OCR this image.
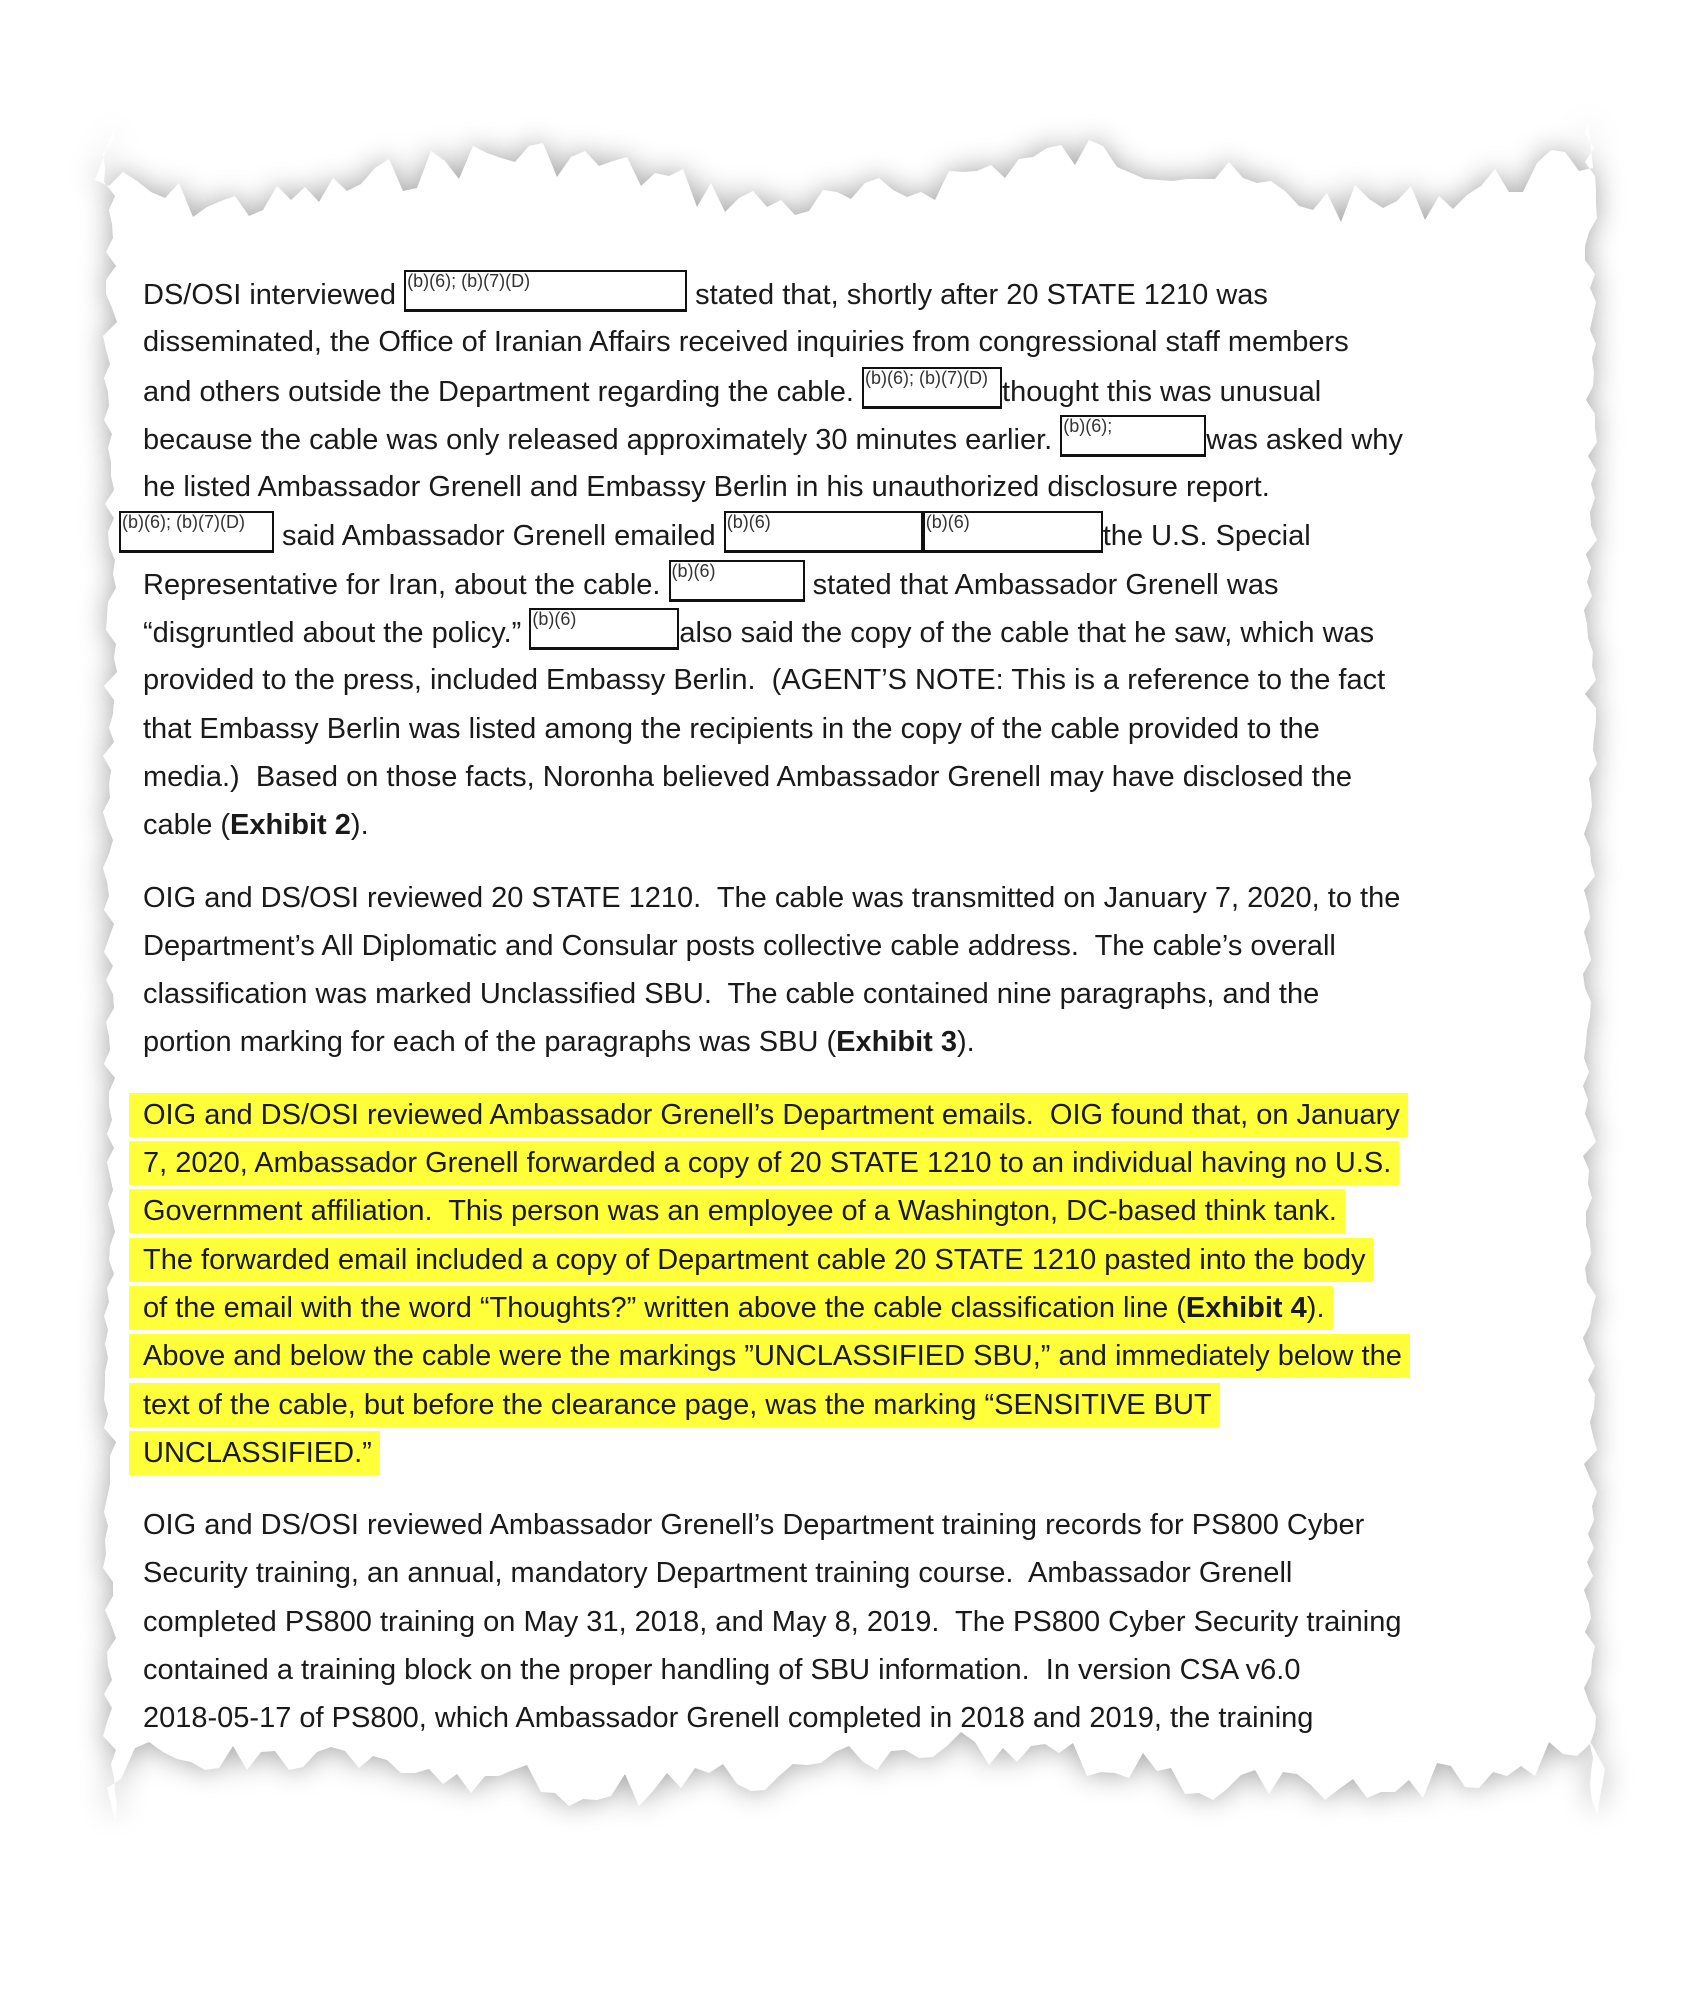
DS/OSI interviewed (b)(6); (b)(7)(D)	stated that, shortly after 20 STATE 1210 was
disseminated, the Office of Iranian Affairs received inquiries from congressional staff members
and others outside the Department regarding the cable. (b)(6); (b)(7)(D) thought this was unusual
because the cable was only released approximately 30 minutes earlier. (b)(6);	was asked why
he listed Ambassador Grenell and Embassy Berlin in his unauthorized disclosure report.
(b)(6); (b)(7)(D)	said Ambassador Grenell emailed (b)(6)	(b)(6)	the U.S. Special
Representative for Iran, about the cable. (b)(6)	stated that Ambassador Grenell was
“disgruntled about the policy.” (b)(6)	also said the copy of the cable that he saw, which was
provided to the press, included Embassy Berlin.  (AGENT’S NOTE: This is a reference to the fact
that Embassy Berlin was listed among the recipients in the copy of the cable provided to the
media.)  Based on those facts, Noronha believed Ambassador Grenell may have disclosed the
cable (Exhibit 2).
OIG and DS/OSI reviewed 20 STATE 1210.  The cable was transmitted on January 7, 2020, to the
Department’s All Diplomatic and Consular posts collective cable address.  The cable’s overall
classification was marked Unclassified SBU.  The cable contained nine paragraphs, and the
portion marking for each of the paragraphs was SBU (Exhibit 3).
OIG and DS/OSI reviewed Ambassador Grenell’s Department emails.  OIG found that, on January
7, 2020, Ambassador Grenell forwarded a copy of 20 STATE 1210 to an individual having no U.S.
Government affiliation.  This person was an employee of a Washington, DC-based think tank.
The forwarded email included a copy of Department cable 20 STATE 1210 pasted into the body
of the email with the word “Thoughts?” written above the cable classification line (Exhibit 4).
Above and below the cable were the markings ”UNCLASSIFIED SBU,” and immediately below the
text of the cable, but before the clearance page, was the marking “SENSITIVE BUT
UNCLASSIFIED.”
OIG and DS/OSI reviewed Ambassador Grenell’s Department training records for PS800 Cyber
Security training, an annual, mandatory Department training course.  Ambassador Grenell
completed PS800 training on May 31, 2018, and May 8, 2019.  The PS800 Cyber Security training
contained a training block on the proper handling of SBU information.  In version CSA v6.0
2018-05-17 of PS800, which Ambassador Grenell completed in 2018 and 2019, the training
